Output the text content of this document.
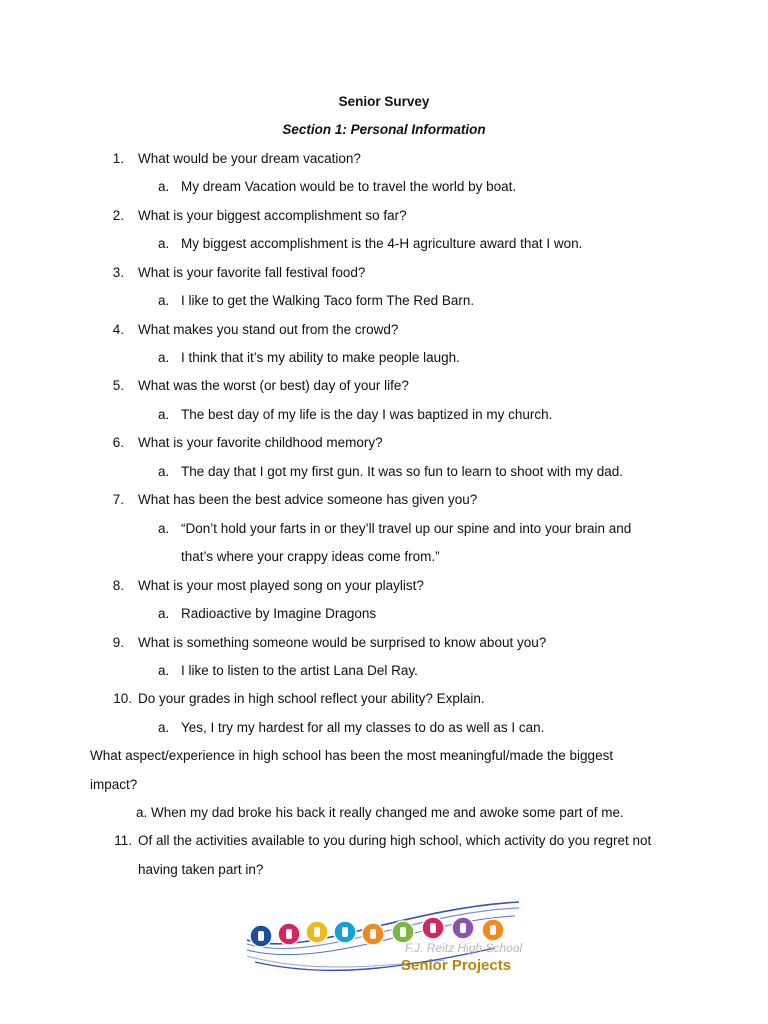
Senior Survey
Section 1: Personal Information
1. What would be your dream vacation?
a. My dream Vacation would be to travel the world by boat.
2. What is your biggest accomplishment so far?
a. My biggest accomplishment is the 4-H agriculture award that I won.
3. What is your favorite fall festival food?
a. I like to get the Walking Taco form The Red Barn.
4. What makes you stand out from the crowd?
a. I think that it’s my ability to make people laugh.
5. What was the worst (or best) day of your life?
a. The best day of my life is the day I was baptized in my church.
6. What is your favorite childhood memory?
a. The day that I got my first gun. It was so fun to learn to shoot with my dad.
7. What has been the best advice someone has given you?
a. “Don’t hold your farts in or they’ll travel up our spine and into your brain and
that’s where your crappy ideas come from.”
8. What is your most played song on your playlist?
a. Radioactive by Imagine Dragons
9. What is something someone would be surprised to know about you?
a. I like to listen to the artist Lana Del Ray.
10. Do your grades in high school reflect your ability? Explain.
a. Yes, I try my hardest for all my classes to do as well as I can.
What aspect/experience in high school has been the most meaningful/made the biggest
impact?
a. When my dad broke his back it really changed me and awoke some part of me.
11. Of all the activities available to you during high school, which activity do you regret not
having taken part in?
F.J. Reitz High School
Senior Projects
